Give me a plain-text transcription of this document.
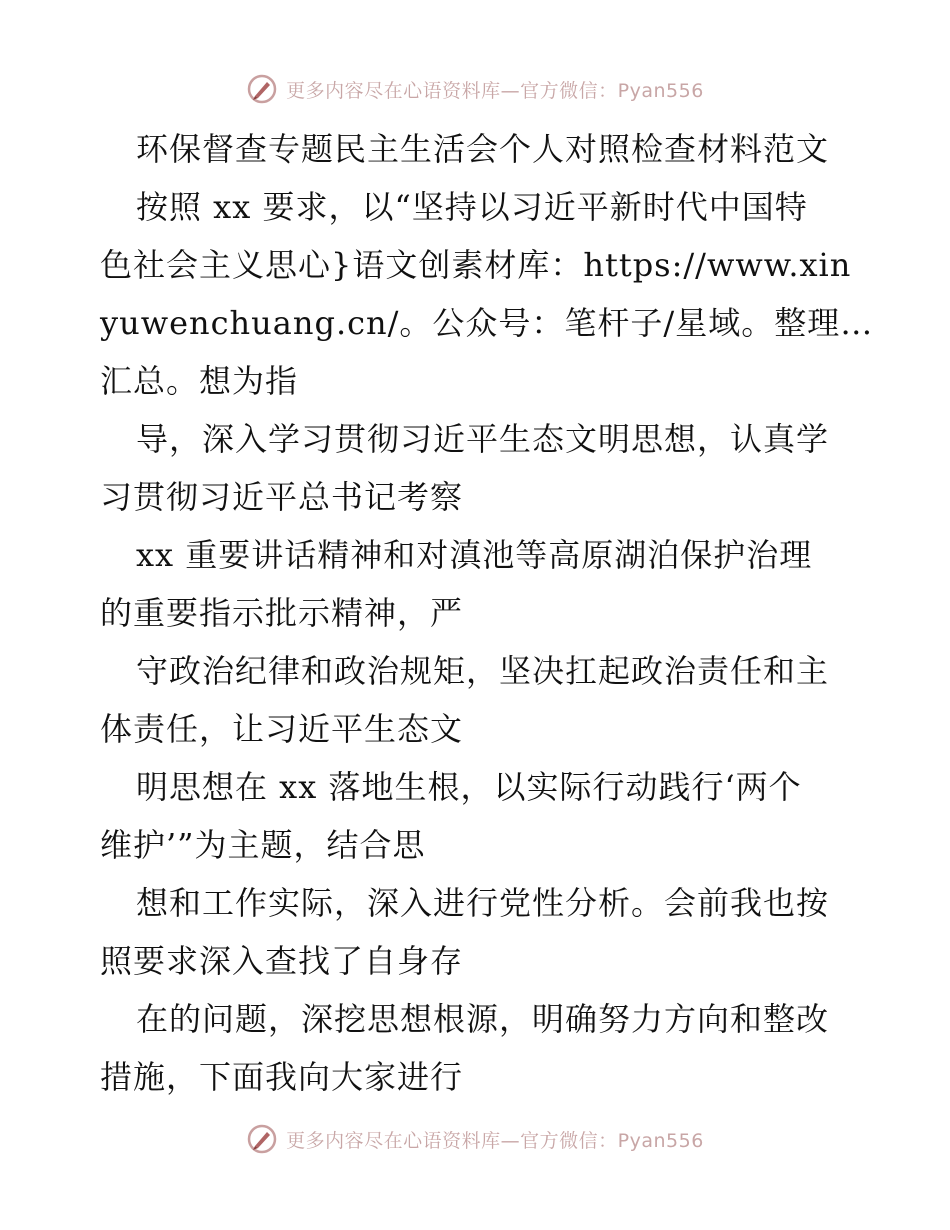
更多内容尽在心语资料库—官方微信：Pyan556
环保督查专题民主生活会个人对照检查材料范文
按照 xx 要求，以“坚持以习近平新时代中国特
色社会主义思心}语文创素材库：https://www.xin
yuwenchuang.cn/。公众号：笔杆子/星域。整理…
汇总。想为指
导，深入学习贯彻习近平生态文明思想，认真学
习贯彻习近平总书记考察
xx 重要讲话精神和对滇池等高原湖泊保护治理
的重要指示批示精神，严
守政治纪律和政治规矩，坚决扛起政治责任和主
体责任，让习近平生态文
明思想在 xx 落地生根，以实际行动践行‘两个
维护’”为主题，结合思
想和工作实际，深入进行党性分析。会前我也按
照要求深入查找了自身存
在的问题，深挖思想根源，明确努力方向和整改
措施，下面我向大家进行
更多内容尽在心语资料库—官方微信：Pyan556
